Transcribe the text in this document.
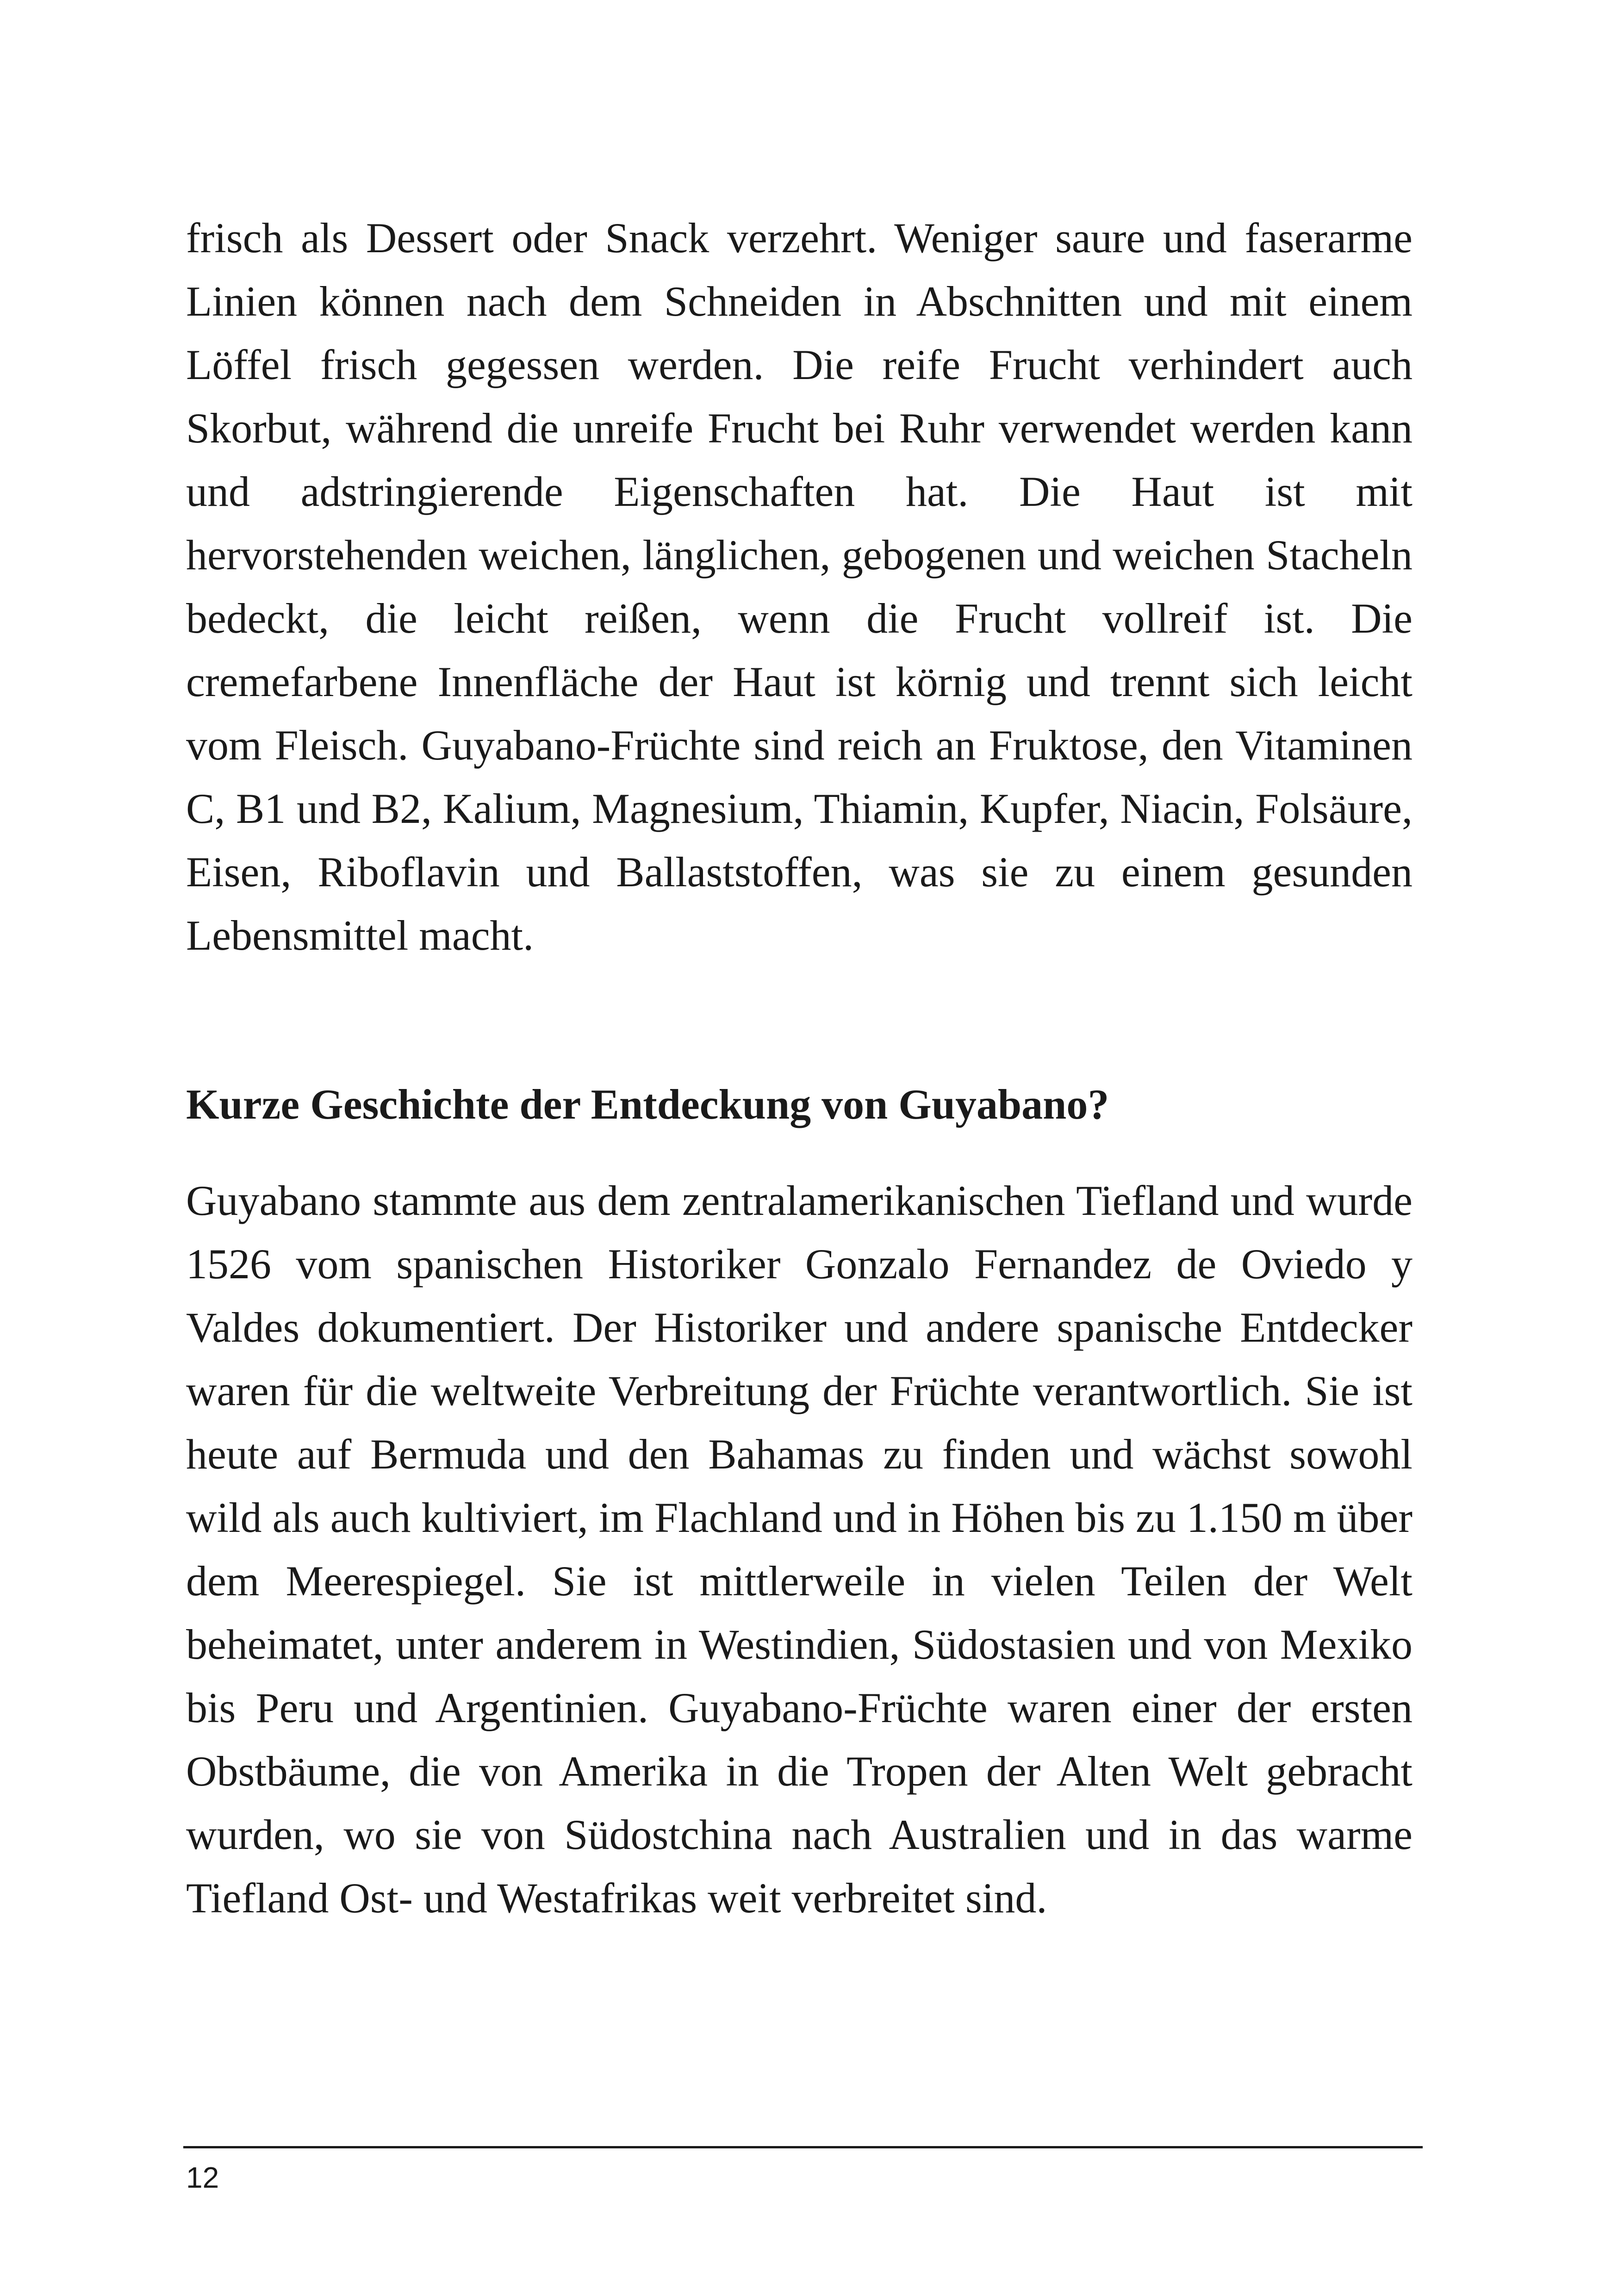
frisch als Dessert oder Snack verzehrt. Weniger saure und faserarme Linien können nach dem Schneiden in Abschnitten und mit einem Löffel frisch gegessen werden. Die reife Frucht verhindert auch Skorbut, während die unreife Frucht bei Ruhr verwendet werden kann und adstringierende Eigenschaften hat. Die Haut ist mit hervorstehenden weichen, länglichen, gebogenen und weichen Stacheln bedeckt, die leicht reißen, wenn die Frucht vollreif ist. Die cremefarbene Innenfläche der Haut ist körnig und trennt sich leicht vom Fleisch. Guyabano-Früchte sind reich an Fruktose, den Vitaminen C, B1 und B2, Kalium, Magnesium, Thiamin, Kupfer, Niacin, Folsäure, Eisen, Riboflavin und Ballaststoffen, was sie zu einem gesunden Lebensmittel macht.

Kurze Geschichte der Entdeckung von Guyabano?

Guyabano stammte aus dem zentralamerikanischen Tiefland und wurde 1526 vom spanischen Historiker Gonzalo Fernandez de Oviedo y Valdes dokumentiert. Der Historiker und andere spanische Entdecker waren für die weltweite Verbreitung der Früchte verantwortlich. Sie ist heute auf Bermuda und den Bahamas zu finden und wächst sowohl wild als auch kultiviert, im Flachland und in Höhen bis zu 1.150 m über dem Meerespiegel. Sie ist mittlerweile in vielen Teilen der Welt beheimatet, unter anderem in Westindien, Südostasien und von Mexiko bis Peru und Argentinien. Guyabano-Früchte waren einer der ersten Obstbäume, die von Amerika in die Tropen der Alten Welt gebracht wurden, wo sie von Südostchina nach Australien und in das warme Tiefland Ost- und Westafrikas weit verbreitet sind.

12
